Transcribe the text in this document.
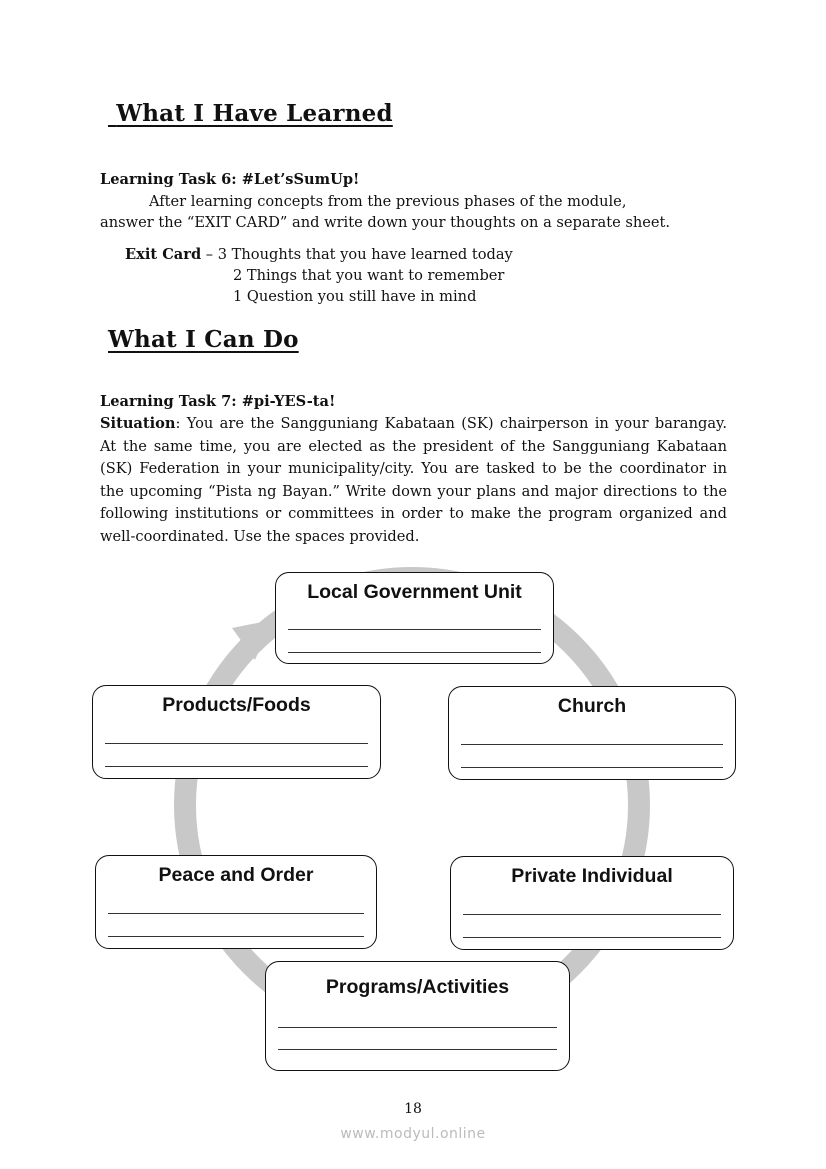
What I Have Learned
Learning Task 6: #Let’sSumUp!
After learning concepts from the previous phases of the module,
answer the “EXIT CARD” and write down your thoughts on a separate sheet.
Exit Card – 3 Thoughts that you have learned today
2 Things that you want to remember
1 Question you still have in mind
What I Can Do
Learning Task 7: #pi-YES-ta!
Situation: You are the Sangguniang Kabataan (SK) chairperson in your barangay. At the same time, you are elected as the president of the Sangguniang Kabataan (SK) Federation in your municipality/city. You are tasked to be the coordinator in the upcoming “Pista ng Bayan.” Write down your plans and major directions to the following institutions or committees in order to make the program organized and well-coordinated. Use the spaces provided.
Local Government Unit
Products/Foods	Church
Peace and Order	Private Individual
Programs/Activities
18
www.modyul.online
